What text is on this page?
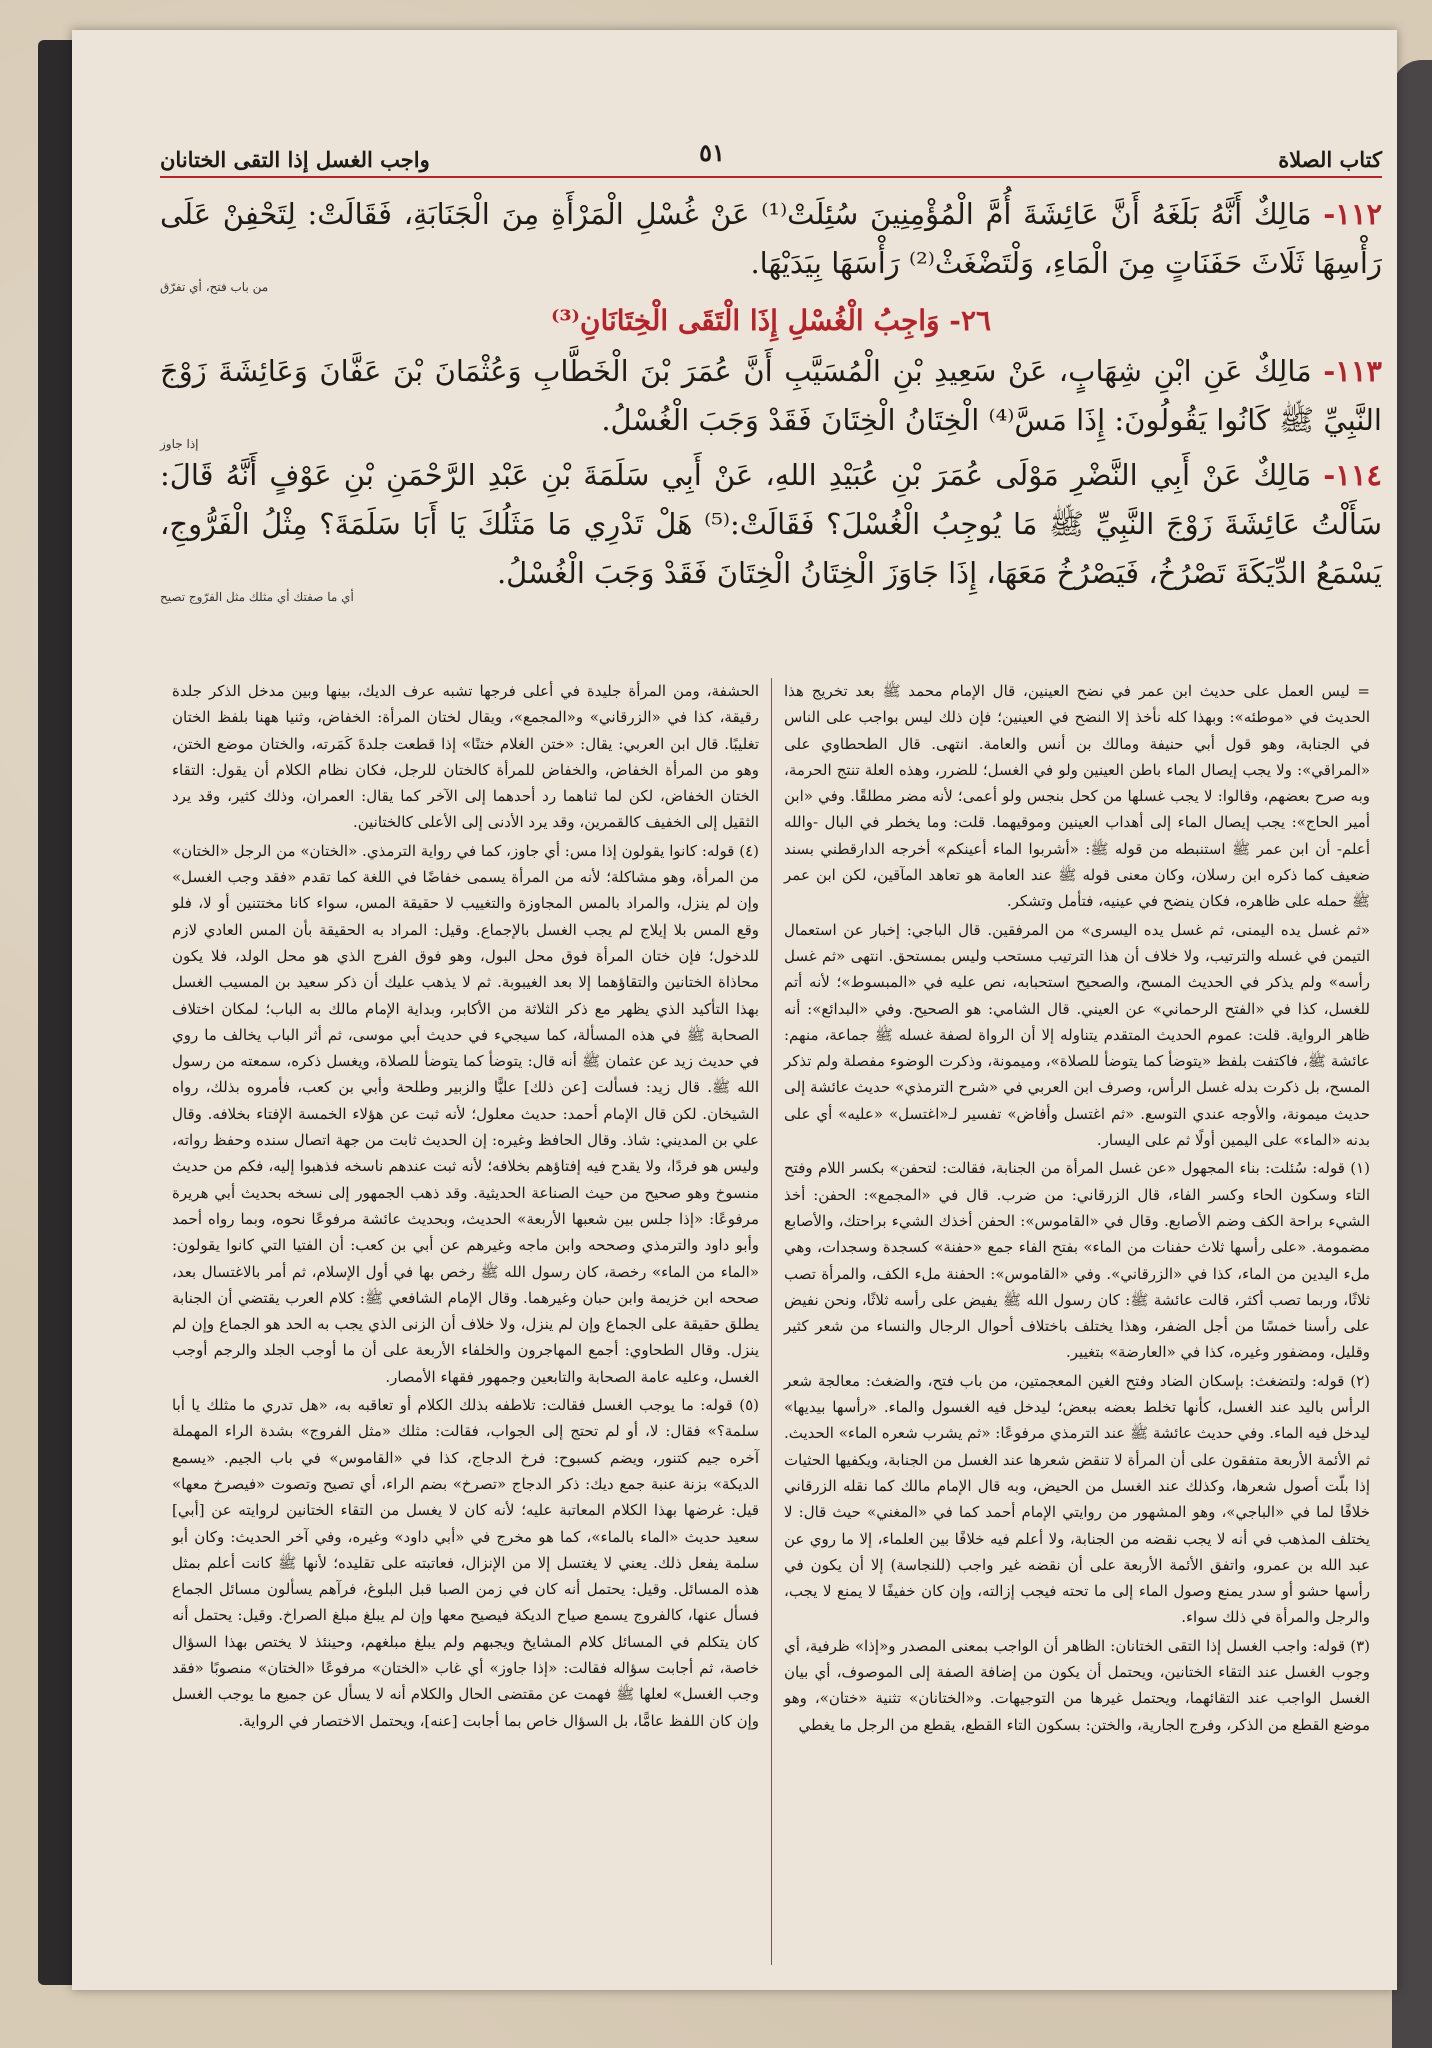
كتاب الصلاة
واجب الغسل إذا التقى الختانان	٥١

١١٢- مَالِكٌ أَنَّهُ بَلَغَهُ أَنَّ عَائِشَةَ أُمَّ الْمُؤْمِنِينَ سُئِلَتْ⁽¹⁾ عَنْ غُسْلِ الْمَرْأَةِ مِنَ الْجَنَابَةِ، فَقَالَتْ: لِتَحْفِنْ عَلَى رَأْسِهَا ثَلَاثَ حَفَنَاتٍ مِنَ الْمَاءِ، وَلْتَضْغَثْ⁽²⁾ رَأْسَهَا بِيَدَيْهَا.

من باب فتح، أي تفرّق

٢٦- وَاجِبُ الْغُسْلِ إِذَا الْتَقَى الْخِتَانَانِ⁽³⁾

١١٣- مَالِكٌ عَنِ ابْنِ شِهَابٍ، عَنْ سَعِيدِ بْنِ الْمُسَيَّبِ أَنَّ عُمَرَ بْنَ الْخَطَّابِ وَعُثْمَانَ بْنَ عَفَّانَ وَعَائِشَةَ زَوْجَ النَّبِيِّ ﷺ كَانُوا يَقُولُونَ: إِذَا مَسَّ⁽⁴⁾ الْخِتَانُ الْخِتَانَ فَقَدْ وَجَبَ الْغُسْلُ.

إذا جاوز

١١٤- مَالِكٌ عَنْ أَبِي النَّضْرِ مَوْلَى عُمَرَ بْنِ عُبَيْدِ اللهِ، عَنْ أَبِي سَلَمَةَ بْنِ عَبْدِ الرَّحْمَنِ بْنِ عَوْفٍ أَنَّهُ قَالَ: سَأَلْتُ عَائِشَةَ زَوْجَ النَّبِيِّ ﷺ مَا يُوجِبُ الْغُسْلَ؟ فَقَالَتْ:⁽⁵⁾ هَلْ تَدْرِي مَا مَثَلُكَ يَا أَبَا سَلَمَةَ؟ مِثْلُ الْفَرُّوجِ، يَسْمَعُ الدِّيَكَةَ تَصْرُخُ، فَيَصْرُخُ مَعَهَا، إِذَا جَاوَزَ الْخِتَانُ الْخِتَانَ فَقَدْ وَجَبَ الْغُسْلُ.

أي ما صفتك أي مثلك مثل الفرّوج تصيح

= ليس العمل على حديث ابن عمر في نضح العينين، قال الإمام محمد ﷺ بعد تخريج هذا الحديث في «موطئه»: وبهذا كله نأخذ إلا النضح في العينين؛ فإن ذلك ليس بواجب على الناس في الجنابة، وهو قول أبي حنيفة ومالك بن أنس والعامة. انتهى. قال الطحطاوي على «المراقي»: ولا يجب إيصال الماء باطن العينين ولو في الغسل؛ للضرر، وهذه العلة تنتج الحرمة، وبه صرح بعضهم، وقالوا: لا يجب غسلها من كحل بنجس ولو أعمى؛ لأنه مضر مطلقًا. وفي «ابن أمير الحاج»: يجب إيصال الماء إلى أهداب العينين وموقيهما. قلت: وما يخطر في البال -والله أعلم- أن ابن عمر ﷺ استنبطه من قوله ﷺ: «أشربوا الماء أعينكم» أخرجه الدارقطني بسند ضعيف كما ذكره ابن رسلان، وكان معنى قوله ﷺ عند العامة هو تعاهد المآقين، لكن ابن عمر ﷺ حمله على ظاهره، فكان ينضح في عينيه، فتأمل وتشكر.

«ثم غسل يده اليمنى، ثم غسل يده اليسرى» من المرفقين. قال الباجي: إخبار عن استعمال التيمن في غسله والترتيب، ولا خلاف أن هذا الترتيب مستحب وليس بمستحق. انتهى «ثم غسل رأسه» ولم يذكر في الحديث المسح، والصحيح استحبابه، نص عليه في «المبسوط»؛ لأنه أتم للغسل، كذا في «الفتح الرحماني» عن العيني. قال الشامي: هو الصحيح. وفي «البدائع»: أنه ظاهر الرواية. قلت: عموم الحديث المتقدم يتناوله إلا أن الرواة لصفة غسله ﷺ جماعة، منهم: عائشة ﷺ، فاكتفت بلفظ «يتوضأ كما يتوضأ للصلاة»، وميمونة، وذكرت الوضوء مفصلة ولم تذكر المسح، بل ذكرت بدله غسل الرأس، وصرف ابن العربي في «شرح الترمذي» حديث عائشة إلى حديث ميمونة، والأوجه عندي التوسع. «ثم اغتسل وأفاض» تفسير لـ«اغتسل» «عليه» أي على بدنه «الماء» على اليمين أولًا ثم على اليسار.

(١) قوله: سُئلت: بناء المجهول «عن غسل المرأة من الجنابة، فقالت: لتحفن» بكسر اللام وفتح التاء وسكون الحاء وكسر الفاء، قال الزرقاني: من ضرب. قال في «المجمع»: الحفن: أخذ الشيء براحة الكف وضم الأصابع. وقال في «القاموس»: الحفن أخذك الشيء براحتك، والأصابع مضمومة. «على رأسها ثلاث حفنات من الماء» بفتح الفاء جمع «حفنة» كسجدة وسجدات، وهي ملء اليدين من الماء، كذا في «الزرقاني». وفي «القاموس»: الحفنة ملء الكف، والمرأة تصب ثلاثًا، وربما تصب أكثر، قالت عائشة ﷺ: كان رسول الله ﷺ يفيض على رأسه ثلاثًا، ونحن نفيض على رأسنا خمسًا من أجل الضفر، وهذا يختلف باختلاف أحوال الرجال والنساء من شعر كثير وقليل، ومضفور وغيره، كذا في «العارضة» بتغيير.

(٢) قوله: ولتضغث: بإسكان الضاد وفتح الغين المعجمتين، من باب فتح، والضغث: معالجة شعر الرأس باليد عند الغسل، كأنها تخلط بعضه ببعض؛ ليدخل فيه الغسول والماء. «رأسها بيديها» ليدخل فيه الماء. وفي حديث عائشة ﷺ عند الترمذي مرفوعًا: «ثم يشرب شعره الماء» الحديث. ثم الأئمة الأربعة متفقون على أن المرأة لا تنقض شعرها عند الغسل من الجنابة، ويكفيها الحثيات إذا بلّت أصول شعرها، وكذلك عند الغسل من الحيض، وبه قال الإمام مالك كما نقله الزرقاني خلافًا لما في «الباجي»، وهو المشهور من روايتي الإمام أحمد كما في «المغني» حيث قال: لا يختلف المذهب في أنه لا يجب نقضه من الجنابة، ولا أعلم فيه خلافًا بين العلماء، إلا ما روي عن عبد الله بن عمرو، واتفق الأئمة الأربعة على أن نقضه غير واجب (للنجاسة) إلا أن يكون في رأسها حشو أو سدر يمنع وصول الماء إلى ما تحته فيجب إزالته، وإن كان خفيفًا لا يمنع لا يجب، والرجل والمرأة في ذلك سواء.

(٣) قوله: واجب الغسل إذا التقى الختانان: الظاهر أن الواجب بمعنى المصدر و«إذا» ظرفية، أي وجوب الغسل عند التقاء الختانين، ويحتمل أن يكون من إضافة الصفة إلى الموصوف، أي بيان الغسل الواجب عند التقائهما، ويحتمل غيرها من التوجيهات. و«الختانان» تثنية «ختان»، وهو موضع القطع من الذكر، وفرج الجارية، والختن: بسكون التاء القطع، يقطع من الرجل ما يغطي

الحشفة، ومن المرأة جليدة في أعلى فرجها تشبه عرف الديك، بينها وبين مدخل الذكر جلدة رقيقة، كذا في «الزرقاني» و«المجمع»، ويقال لختان المرأة: الخفاض، وثنيا ههنا بلفظ الختان تغليبًا. قال ابن العربي: يقال: «ختن الغلام ختنًا» إذا قطعت جلدةَ كَمَرته، والختان موضع الختن، وهو من المرأة الخفاض، والخفاض للمرأة كالختان للرجل، فكان نظام الكلام أن يقول: التقاء الختان الخفاض، لكن لما ثناهما رد أحدهما إلى الآخر كما يقال: العمران، وذلك كثير، وقد يرد الثقيل إلى الخفيف كالقمرين، وقد يرد الأدنى إلى الأعلى كالختانين.

(٤) قوله: كانوا يقولون إذا مس: أي جاوز، كما في رواية الترمذي. «الختان» من الرجل «الختان» من المرأة، وهو مشاكلة؛ لأنه من المرأة يسمى خفاضًا في اللغة كما تقدم «فقد وجب الغسل» وإن لم ينزل، والمراد بالمس المجاوزة والتغييب لا حقيقة المس، سواء كانا مختتنين أو لا، فلو وقع المس بلا إيلاج لم يجب الغسل بالإجماع. وقيل: المراد به الحقيقة بأن المس العادي لازم للدخول؛ فإن ختان المرأة فوق محل البول، وهو فوق الفرج الذي هو محل الولد، فلا يكون محاذاة الختانين والتقاؤهما إلا بعد الغيبوبة. ثم لا يذهب عليك أن ذكر سعيد بن المسيب الغسل بهذا التأكيد الذي يظهر مع ذكر الثلاثة من الأكابر، وبداية الإمام مالك به الباب؛ لمكان اختلاف الصحابة ﷺ في هذه المسألة، كما سيجيء في حديث أبي موسى، ثم أثر الباب يخالف ما روي في حديث زيد عن عثمان ﷺ أنه قال: يتوضأ كما يتوضأ للصلاة، ويغسل ذكره، سمعته من رسول الله ﷺ. قال زيد: فسألت [عن ذلك] عليًّا والزبير وطلحة وأبي بن كعب، فأمروه بذلك، رواه الشيخان. لكن قال الإمام أحمد: حديث معلول؛ لأنه ثبت عن هؤلاء الخمسة الإفتاء بخلافه. وقال علي بن المديني: شاذ. وقال الحافظ وغيره: إن الحديث ثابت من جهة اتصال سنده وحفظ رواته، وليس هو فردًا، ولا يقدح فيه إفتاؤهم بخلافه؛ لأنه ثبت عندهم ناسخه فذهبوا إليه، فكم من حديث منسوخ وهو صحيح من حيث الصناعة الحديثية. وقد ذهب الجمهور إلى نسخه بحديث أبي هريرة مرفوعًا: «إذا جلس بين شعبها الأربعة» الحديث، وبحديث عائشة مرفوعًا نحوه، وبما رواه أحمد وأبو داود والترمذي وصححه وابن ماجه وغيرهم عن أبي بن كعب: أن الفتيا التي كانوا يقولون: «الماء من الماء» رخصة، كان رسول الله ﷺ رخص بها في أول الإسلام، ثم أمر بالاغتسال بعد، صححه ابن خزيمة وابن حبان وغيرهما. وقال الإمام الشافعي ﷺ: كلام العرب يقتضي أن الجنابة يطلق حقيقة على الجماع وإن لم ينزل، ولا خلاف أن الزنى الذي يجب به الحد هو الجماع وإن لم ينزل. وقال الطحاوي: أجمع المهاجرون والخلفاء الأربعة على أن ما أوجب الجلد والرجم أوجب الغسل، وعليه عامة الصحابة والتابعين وجمهور فقهاء الأمصار.

(٥) قوله: ما يوجب الغسل فقالت: تلاطفه بذلك الكلام أو تعاقبه به، «هل تدري ما مثلك يا أبا سلمة؟» فقال: لا، أو لم تحتج إلى الجواب، فقالت: مثلك «مثل الفروج» بشدة الراء المهملة آخره جيم كتنور، ويضم كسبوح: فرخ الدجاج، كذا في «القاموس» في باب الجيم. «يسمع الديكة» بزنة عنبة جمع ديك: ذكر الدجاج «تصرخ» بضم الراء، أي تصيح وتصوت «فيصرخ معها» قيل: غرضها بهذا الكلام المعاتبة عليه؛ لأنه كان لا يغسل من التقاء الختانين لروايته عن [أبي] سعيد حديث «الماء بالماء»، كما هو مخرج في «أبي داود» وغيره، وفي آخر الحديث: وكان أبو سلمة يفعل ذلك. يعني لا يغتسل إلا من الإنزال، فعاتبته على تقليده؛ لأنها ﷺ كانت أعلم بمثل هذه المسائل. وقيل: يحتمل أنه كان في زمن الصبا قبل البلوغ، فرآهم يسألون مسائل الجماع فسأل عنها، كالفروج يسمع صياح الديكة فيصيح معها وإن لم يبلغ مبلغ الصراخ. وقيل: يحتمل أنه كان يتكلم في المسائل كلام المشايخ ويجبهم ولم يبلغ مبلغهم، وحينئذ لا يختص بهذا السؤال خاصة، ثم أجابت سؤاله فقالت: «إذا جاوز» أي غاب «الختان» مرفوعًا «الختان» منصوبًا «فقد وجب الغسل» لعلها ﷺ فهمت عن مقتضى الحال والكلام أنه لا يسأل عن جميع ما يوجب الغسل وإن كان اللفظ عامًّا، بل السؤال خاص بما أجابت [عنه]، ويحتمل الاختصار في الرواية.
